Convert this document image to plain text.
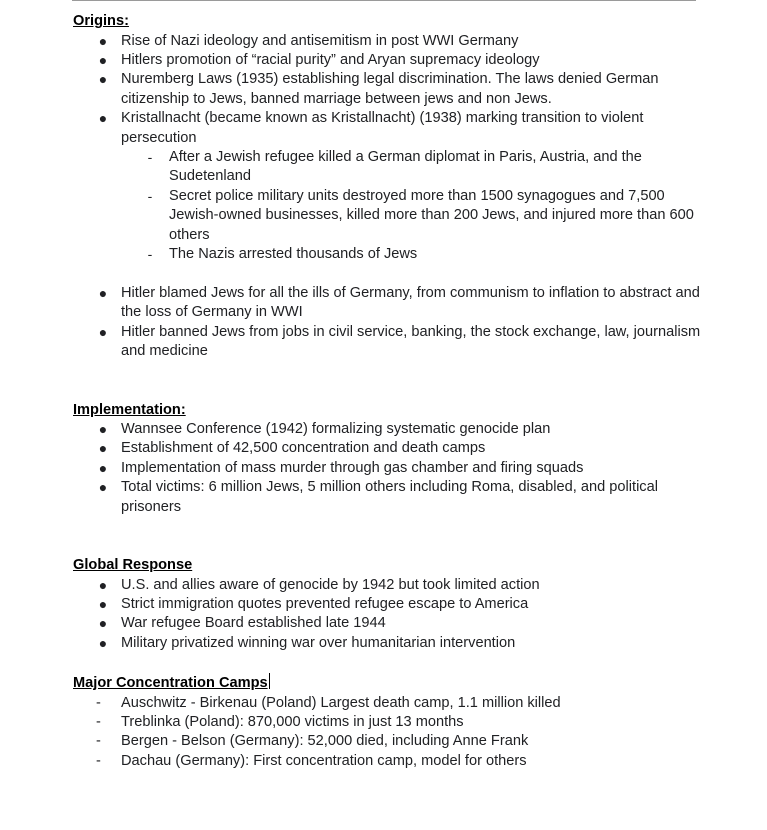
Origins:
● Rise of Nazi ideology and antisemitism in post WWI Germany
● Hitlers promotion of “racial purity” and Aryan supremacy ideology
● Nuremberg Laws (1935) establishing legal discrimination. The laws denied German citizenship to Jews, banned marriage between jews and non Jews.
● Kristallnacht (became known as Kristallnacht) (1938) marking transition to violent persecution
- After a Jewish refugee killed a German diplomat in Paris, Austria, and the Sudetenland
- Secret police military units destroyed more than 1500 synagogues and 7,500 Jewish-owned businesses, killed more than 200 Jews, and injured more than 600 others
- The Nazis arrested thousands of Jews
● Hitler blamed Jews for all the ills of Germany, from communism to inflation to abstract and the loss of Germany in WWI
● Hitler banned Jews from jobs in civil service, banking, the stock exchange, law, journalism and medicine
Implementation:
● Wannsee Conference (1942) formalizing systematic genocide plan
● Establishment of 42,500 concentration and death camps
● Implementation of mass murder through gas chamber and firing squads
● Total victims: 6 million Jews, 5 million others including Roma, disabled, and political prisoners
Global Response
● U.S. and allies aware of genocide by 1942 but took limited action
● Strict immigration quotes prevented refugee escape to America
● War refugee Board established late 1944
● Military privatized winning war over humanitarian intervention
Major Concentration Camps
- Auschwitz - Birkenau (Poland) Largest death camp, 1.1 million killed
- Treblinka (Poland): 870,000 victims in just 13 months
- Bergen - Belson (Germany): 52,000 died, including Anne Frank
- Dachau (Germany): First concentration camp, model for others
